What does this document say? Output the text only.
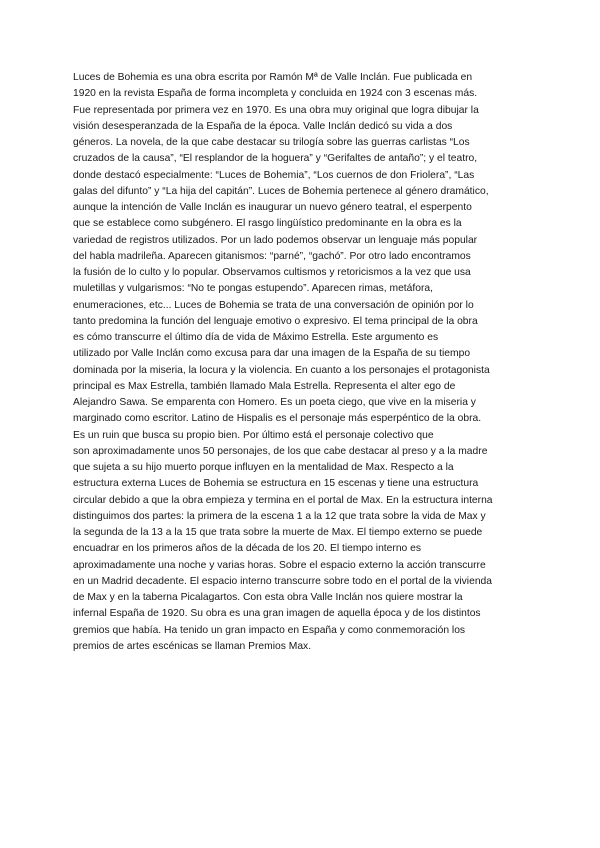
Luces de Bohemia es una obra escrita por Ramón Mª de Valle Inclán. Fue publicada en
1920 en la revista España de forma incompleta y concluida en 1924 con 3 escenas más.
Fue representada por primera vez en 1970. Es una obra muy original que logra dibujar la
visión desesperanzada de la España de la época. Valle Inclán dedicó su vida a dos
géneros. La novela, de la que cabe destacar su trilogía sobre las guerras carlistas “Los
cruzados de la causa”, “El resplandor de la hoguera” y “Gerifaltes de antaño”; y el teatro,
donde destacó especialmente: “Luces de Bohemia”, “Los cuernos de don Friolera”, “Las
galas del difunto” y “La hija del capitán”. Luces de Bohemia pertenece al género dramático,
aunque la intención de Valle Inclán es inaugurar un nuevo género teatral, el esperpento
que se establece como subgénero. El rasgo lingüístico predominante en la obra es la
variedad de registros utilizados. Por un lado podemos observar un lenguaje más popular
del habla madrileña. Aparecen gitanismos: “parné”, “gachó”. Por otro lado encontramos
la fusión de lo culto y lo popular. Observamos cultismos y retoricismos a la vez que usa
muletillas y vulgarismos: “No te pongas estupendo”. Aparecen rimas, metáfora,
enumeraciones, etc... Luces de Bohemia se trata de una conversación de opinión por lo
tanto predomina la función del lenguaje emotivo o expresivo. El tema principal de la obra
es cómo transcurre el último día de vida de Máximo Estrella. Este argumento es
utilizado por Valle Inclán como excusa para dar una imagen de la España de su tiempo
dominada por la miseria, la locura y la violencia. En cuanto a los personajes el protagonista
principal es Max Estrella, también llamado Mala Estrella. Representa el alter ego de
Alejandro Sawa. Se emparenta con Homero. Es un poeta ciego, que vive en la miseria y
marginado como escritor. Latino de Hispalis es el personaje más esperpéntico de la obra.
Es un ruin que busca su propio bien. Por último está el personaje colectivo que
son aproximadamente unos 50 personajes, de los que cabe destacar al preso y a la madre
que sujeta a su hijo muerto porque influyen en la mentalidad de Max. Respecto a la
estructura externa Luces de Bohemia se estructura en 15 escenas y tiene una estructura
circular debido a que la obra empieza y termina en el portal de Max. En la estructura interna
distinguimos dos partes: la primera de la escena 1 a la 12 que trata sobre la vida de Max y
la segunda de la 13 a la 15 que trata sobre la muerte de Max. El tiempo externo se puede
encuadrar en los primeros años de la década de los 20. El tiempo interno es
aproximadamente una noche y varias horas. Sobre el espacio externo la acción transcurre
en un Madrid decadente. El espacio interno transcurre sobre todo en el portal de la vivienda
de Max y en la taberna Picalagartos. Con esta obra Valle Inclán nos quiere mostrar la
infernal España de 1920. Su obra es una gran imagen de aquella época y de los distintos
gremios que había. Ha tenido un gran impacto en España y como conmemoración los
premios de artes escénicas se llaman Premios Max.
